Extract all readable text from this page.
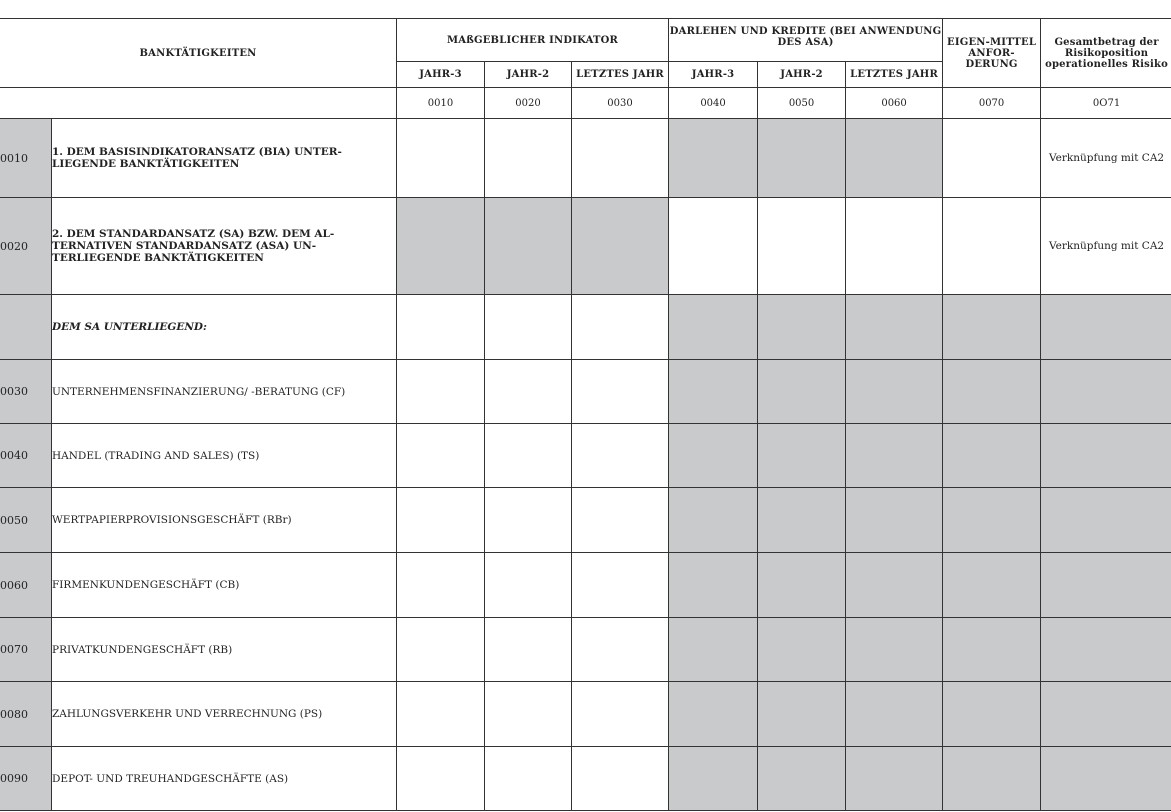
BANKTÄTIGKEITEN		MAßGEBLICHER INDIKATOR			DARLEHEN UND KREDITE (BEI ANWENDUNG DES ASA)			EIGEN-MITTEL ANFOR-DERUNG	Gesamtbetrag der Risikoposition operationelles Risiko
		JAHR-3	JAHR-2	LETZTES JAHR	JAHR-3	JAHR-2	LETZTES JAHR		
		0010	0020	0030	0040	0050	0060	0070	0O71
0010	1. DEM BASISINDIKATORANSATZ (BIA) UNTER-LIEGENDE BANKTÄTIGKEITEN								Verknüpfung mit CA2
0020	2. DEM STANDARDANSATZ (SA) BZW. DEM AL-TERNATIVEN STANDARDANSATZ (ASA) UN-TERLIEGENDE BANKTÄTIGKEITEN								Verknüpfung mit CA2
	DEM SA UNTERLIEGEND:								
0030	UNTERNEHMENSFINANZIERUNG/ -BERATUNG (CF)								
0040	HANDEL (TRADING AND SALES) (TS)								
0050	WERTPAPIERPROVISIONSGESCHÄFT (RBr)								
0060	FIRMENKUNDENGESCHÄFT (CB)								
0070	PRIVATKUNDENGESCHÄFT (RB)								
0080	ZAHLUNGSVERKEHR UND VERRECHNUNG (PS)								
0090	DEPOT- UND TREUHANDGESCHÄFTE (AS)								
